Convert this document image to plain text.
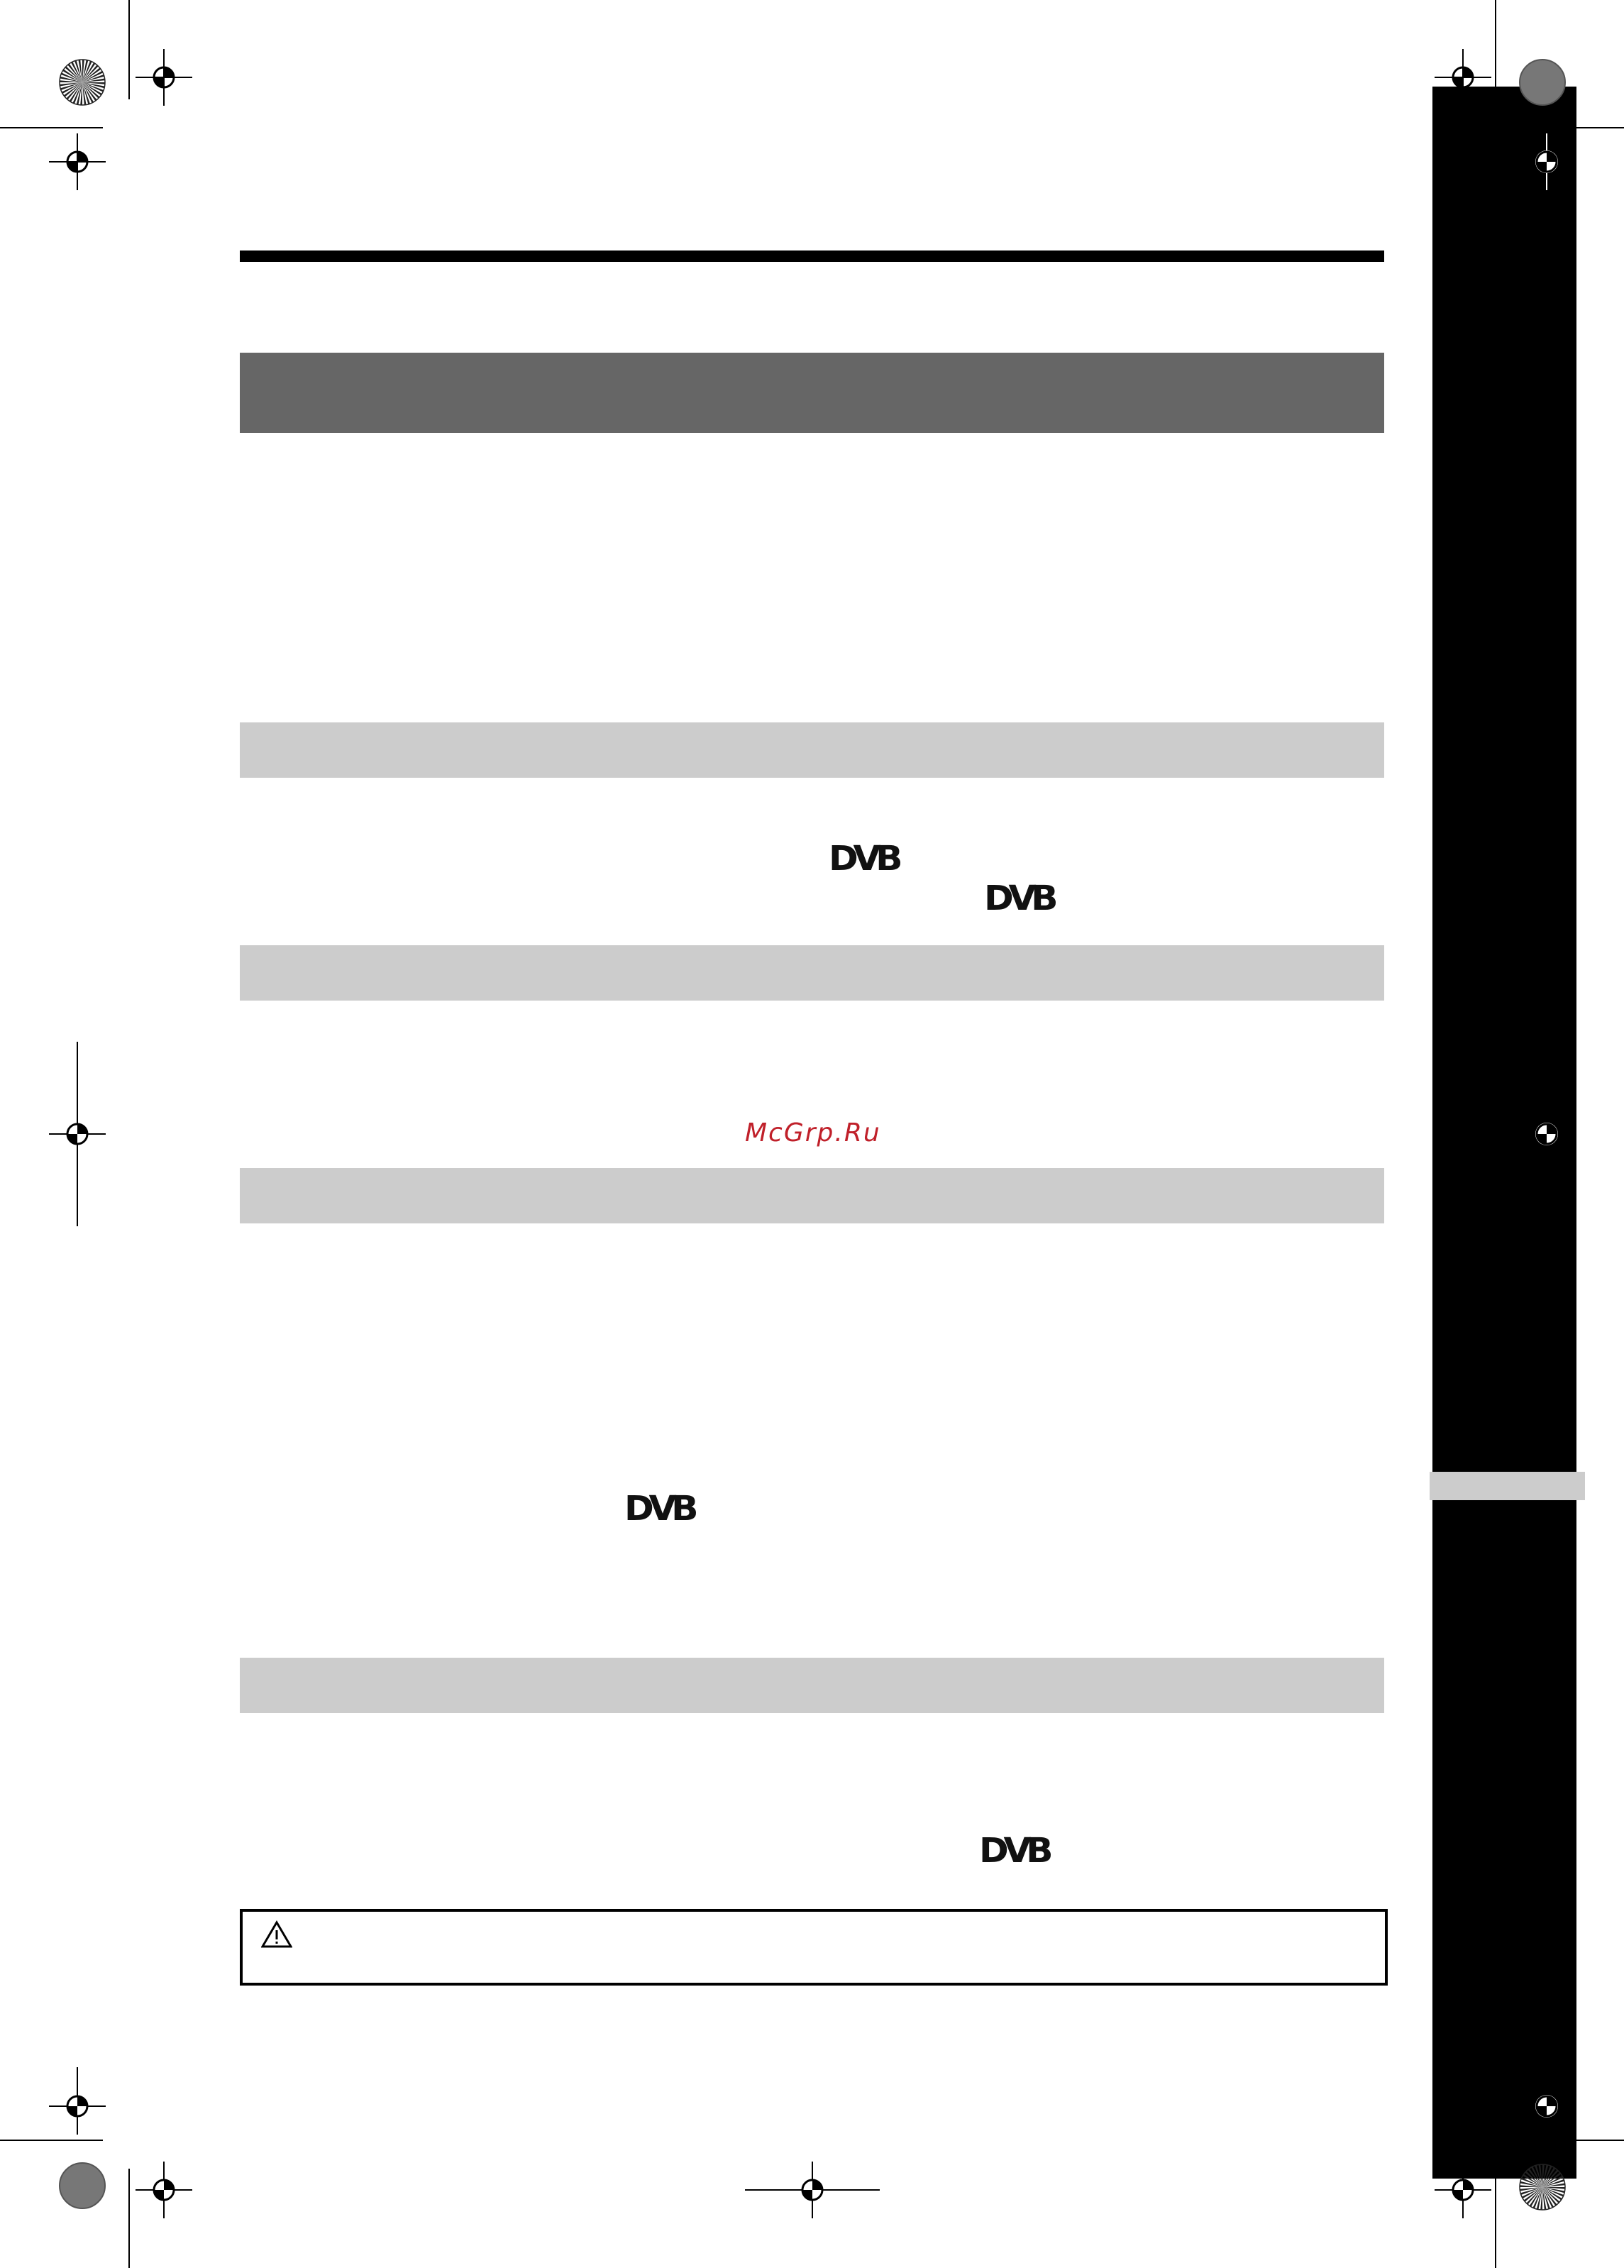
DVB
DVB
DVB
DVB
McGrp.Ru
